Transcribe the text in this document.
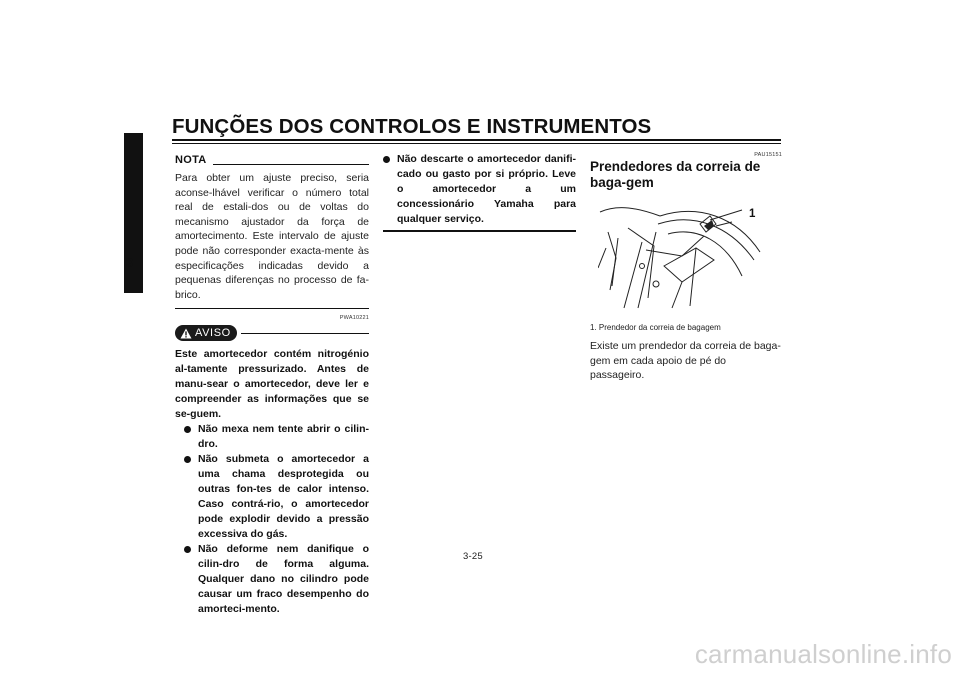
FUNÇÕES DOS CONTROLOS E INSTRUMENTOS
3
NOTA
Para obter um ajuste preciso, seria aconse-lhável verificar o número total real de estali-dos ou de voltas do mecanismo ajustador da força de amortecimento. Este intervalo de ajuste pode não corresponder exacta-mente às especificações indicadas devido a pequenas diferenças no processo de fa-brico.
PWA10221
AVISO
Este amortecedor contém nitrogénio al-tamente pressurizado. Antes de manu-sear o amortecedor, deve ler e compreender as informações que se se-guem.
Não mexa nem tente abrir o cilin-dro.
Não submeta o amortecedor a uma chama desprotegida ou outras fon-tes de calor intenso. Caso contrá-rio, o amortecedor pode explodir devido a pressão excessiva do gás.
Não deforme nem danifique o cilin-dro de forma alguma. Qualquer dano no cilindro pode causar um fraco desempenho do amorteci-mento.
Não descarte o amortecedor danifi-cado ou gasto por si próprio. Leve o amortecedor a um concessionário Yamaha para qualquer serviço.
PAU15151
Prendedores da correia de baga-gem
1
1. Prendedor da correia de bagagem
Existe um prendedor da correia de baga-gem em cada apoio de pé do passageiro.
3-25
carmanualsonline.info
